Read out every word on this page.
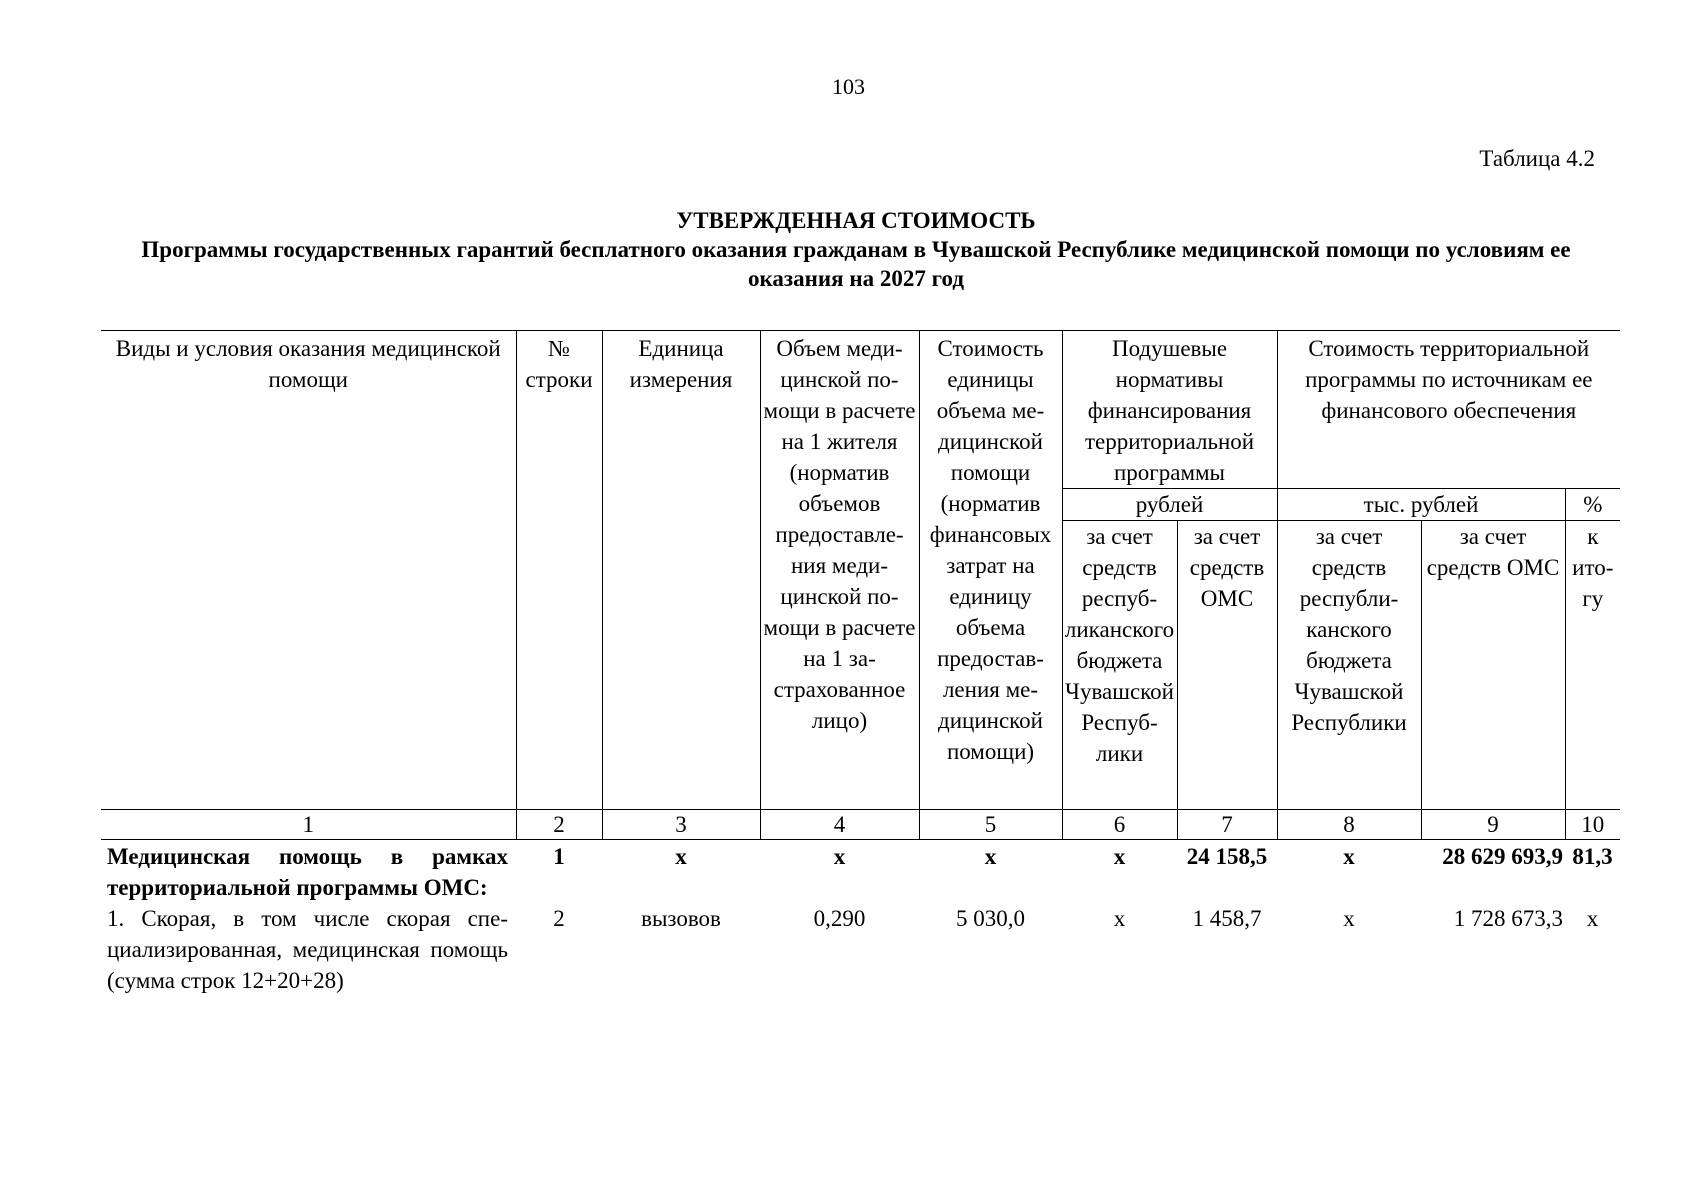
103
Таблица 4.2
УТВЕРЖДЕННАЯ СТОИМОСТЬ
Программы государственных гарантий бесплатного оказания гражданам в Чувашской Республике медицинской помощи по условиям ее оказания на 2027 год
Виды и условия оказания медицинской помощи	№ строки	Единица измерения	Объем медицинской помощи в расчете на 1 жителя (норматив объемов предоставления медицинской помощи в расчете на 1 застрахованное лицо)	Стоимость единицы объема медицинской помощи (норматив финансовых затрат на единицу объема предоставления медицинской помощи)	Подушевые нормативы финансирования территориальной программы		Стоимость территориальной программы по источникам ее финансового обеспечения		
					рублей		тыс. рублей		%
					за счет средств республиканского бюджета Чувашской Республики	за счет средств ОМС	за счет средств республиканского бюджета Чувашской Республики	за счет средств ОМС	к итогу
1	2	3	4	5	6	7	8	9	10
Медицинская помощь в рамках территориальной программы ОМС:	1	х	х	х	х	24 158,5	х	28 629 693,9	81,3
1. Скорая, в том числе скорая специализированная, медицинская помощь (сумма строк 12+20+28)	2	вызовов	0,290	5 030,0	х	1 458,7	х	1 728 673,3	х
